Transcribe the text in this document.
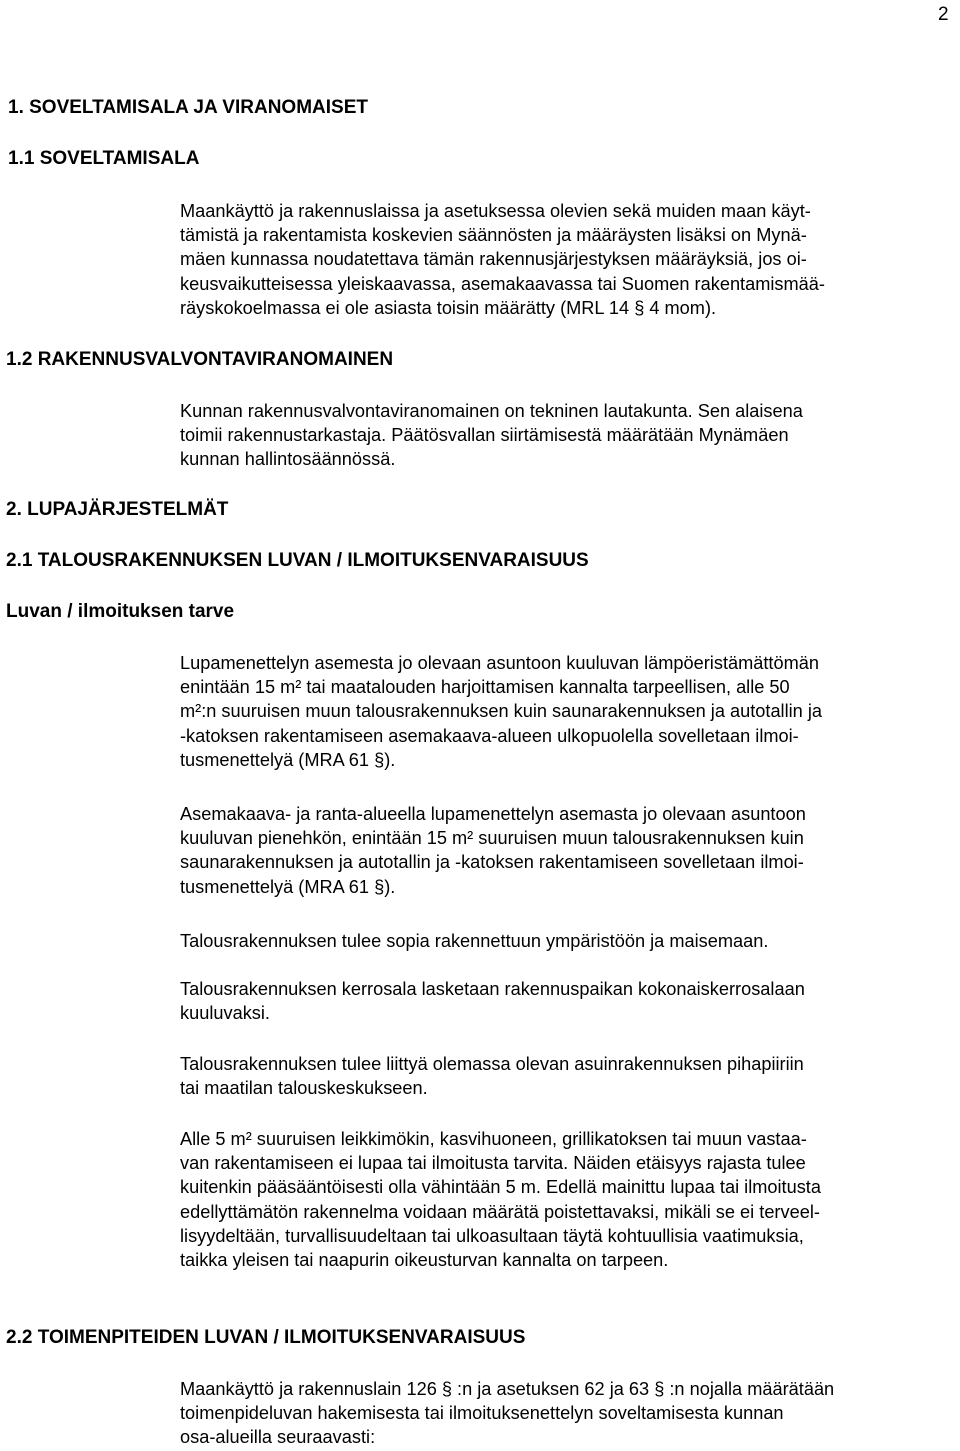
2
1. SOVELTAMISALA JA VIRANOMAISET
1.1 SOVELTAMISALA
Maankäyttö ja rakennuslaissa ja asetuksessa olevien sekä muiden maan käyt-
tämistä ja rakentamista koskevien säännösten ja määräysten lisäksi on Mynä-
mäen kunnassa noudatettava tämän rakennusjärjestyksen määräyksiä, jos oi-
keusvaikutteisessa yleiskaavassa, asemakaavassa tai Suomen rakentamismää-
räyskokoelmassa ei ole asiasta toisin määrätty (MRL 14 § 4 mom).
1.2 RAKENNUSVALVONTAVIRANOMAINEN
Kunnan rakennusvalvontaviranomainen on tekninen lautakunta. Sen alaisena
toimii rakennustarkastaja. Päätösvallan siirtämisestä määrätään Mynämäen
kunnan hallintosäännössä.
2. LUPAJÄRJESTELMÄT
2.1 TALOUSRAKENNUKSEN LUVAN / ILMOITUKSENVARAISUUS
Luvan / ilmoituksen tarve
Lupamenettelyn asemesta jo olevaan asuntoon kuuluvan lämpöeristämättömän
enintään 15 m² tai maatalouden harjoittamisen kannalta tarpeellisen, alle 50
m²:n suuruisen muun talousrakennuksen kuin saunarakennuksen ja autotallin ja
-katoksen rakentamiseen asemakaava-alueen ulkopuolella sovelletaan ilmoi-
tusmenettelyä (MRA 61 §).
Asemakaava- ja ranta-alueella lupamenettelyn asemasta jo olevaan asuntoon
kuuluvan pienehkön, enintään 15 m² suuruisen muun talousrakennuksen kuin
saunarakennuksen ja autotallin ja -katoksen rakentamiseen sovelletaan ilmoi-
tusmenettelyä (MRA 61 §).
Talousrakennuksen tulee sopia rakennettuun ympäristöön ja maisemaan.
Talousrakennuksen kerrosala lasketaan rakennuspaikan kokonaiskerrosalaan
kuuluvaksi.
Talousrakennuksen tulee liittyä olemassa olevan asuinrakennuksen pihapiiriin
tai maatilan talouskeskukseen.
Alle 5 m² suuruisen leikkimökin, kasvihuoneen, grillikatoksen tai muun vastaa-
van rakentamiseen ei lupaa tai ilmoitusta tarvita. Näiden etäisyys rajasta tulee
kuitenkin pääsääntöisesti olla vähintään 5 m. Edellä mainittu lupaa tai ilmoitusta
edellyttämätön rakennelma voidaan määrätä poistettavaksi, mikäli se ei terveel-
lisyydeltään, turvallisuudeltaan tai ulkoasultaan täytä kohtuullisia vaatimuksia,
taikka yleisen tai naapurin oikeusturvan kannalta on tarpeen.
2.2 TOIMENPITEIDEN LUVAN / ILMOITUKSENVARAISUUS
Maankäyttö ja rakennuslain 126 § :n ja asetuksen 62 ja 63 § :n nojalla määrätään
toimenpideluvan hakemisesta tai ilmoituksenettelyn soveltamisesta kunnan
osa-alueilla seuraavasti:
